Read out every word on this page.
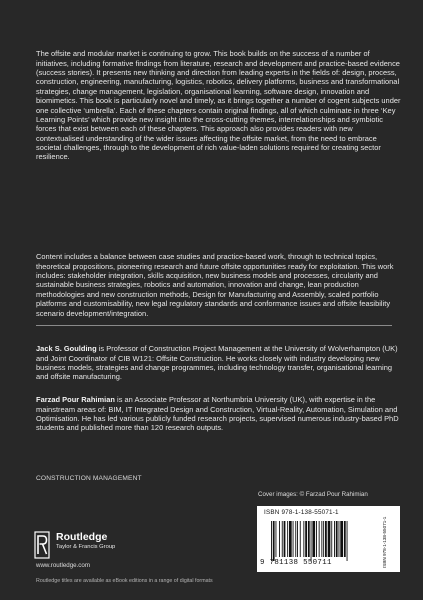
The offsite and modular market is continuing to grow. This book builds on the success of a number of initiatives, including formative findings from literature, research and development and practice-based evidence (success stories). It presents new thinking and direction from leading experts in the fields of: design, process, construction, engineering, manufacturing, logistics, robotics, delivery platforms, business and transformational strategies, change management, legislation, organisational learning, software design, innovation and biomimetics. This book is particularly novel and timely, as it brings together a number of cogent subjects under one collective ‘umbrella’. Each of these chapters contain original findings, all of which culminate in three ‘Key Learning Points’ which provide new insight into the cross-cutting themes, interrelationships and symbiotic forces that exist between each of these chapters. This approach also provides readers with new contextualised understanding of the wider issues affecting the offsite market, from the need to embrace societal challenges, through to the development of rich value-laden solutions required for creating sector resilience.

Content includes a balance between case studies and practice-based work, through to technical topics, theoretical propositions, pioneering research and future offsite opportunities ready for exploitation. This work includes: stakeholder integration, skills acquisition, new business models and processes, circularity and sustainable business strategies, robotics and automation, innovation and change, lean production methodologies and new construction methods, Design for Manufacturing and Assembly, scaled portfolio platforms and customisability, new legal regulatory standards and conformance issues and offsite feasibility scenario development/integration.

Jack S. Goulding is Professor of Construction Project Management at the University of Wolverhampton (UK) and Joint Coordinator of CIB W121: Offsite Construction. He works closely with industry developing new business models, strategies and change programmes, including technology transfer, organisational learning and offsite manufacturing.

Farzad Pour Rahimian is an Associate Professor at Northumbria University (UK), with expertise in the mainstream areas of: BIM, IT Integrated Design and Construction, Virtual-Reality, Automation, Simulation and Optimisation. He has led various publicly funded research projects, supervised numerous industry-based PhD students and published more than 120 research outputs.

CONSTRUCTION MANAGEMENT
Cover images: © Farzad Pour Rahimian
Routledge
Taylor & Francis Group
www.routledge.com
Routledge titles are available as eBook editions in a range of digital formats
ISBN 978-1-138-55071-1
9 781138 550711	ISBN 978-1-138-55071-1
